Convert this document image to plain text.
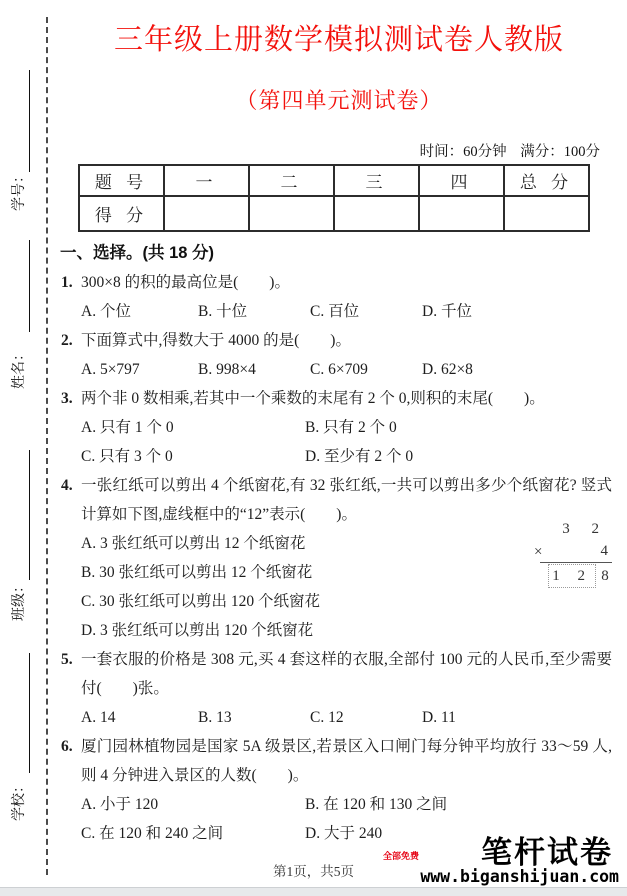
学号：
姓名：
班级：
学校：
三年级上册数学模拟测试卷人教版
（第四单元测试卷）
时间：60分钟 满分：100分
题 号	一	二	三	四	总 分
得 分					
一、选择。(共 18 分)
1. 300×8 的积的最高位是(　　)。
A. 个位	B. 十位	C. 百位	D. 千位
2. 下面算式中,得数大于 4000 的是(　　)。
A. 5×797	B. 998×4	C. 6×709	D. 62×8
3. 两个非 0 数相乘,若其中一个乘数的末尾有 2 个 0,则积的末尾(　　)。
A. 只有 1 个 0	B. 只有 2 个 0
C. 只有 3 个 0	D. 至少有 2 个 0
4. 一张红纸可以剪出 4 个纸窗花,有 32 张红纸,一共可以剪出多少个纸窗花? 竖式计算如下图,虚线框中的“12”表示(　　)。
A. 3 张红纸可以剪出 12 个纸窗花
B. 30 张红纸可以剪出 12 个纸窗花
C. 30 张红纸可以剪出 120 个纸窗花
D. 3 张红纸可以剪出 120 个纸窗花
3 2
×	4
1 2 8
5. 一套衣服的价格是 308 元,买 4 套这样的衣服,全部付 100 元的人民币,至少需要付(　　)张。
A. 14	B. 13	C. 12	D. 11
6. 厦门园林植物园是国家 5A 级景区,若景区入口闸门每分钟平均放行 33～59 人,则 4 分钟进入景区的人数(　　)。
A. 小于 120	B. 在 120 和 130 之间
C. 在 120 和 240 之间	D. 大于 240
第1页，共5页
全部免费	笔杆试卷
www.biganshijuan.com
